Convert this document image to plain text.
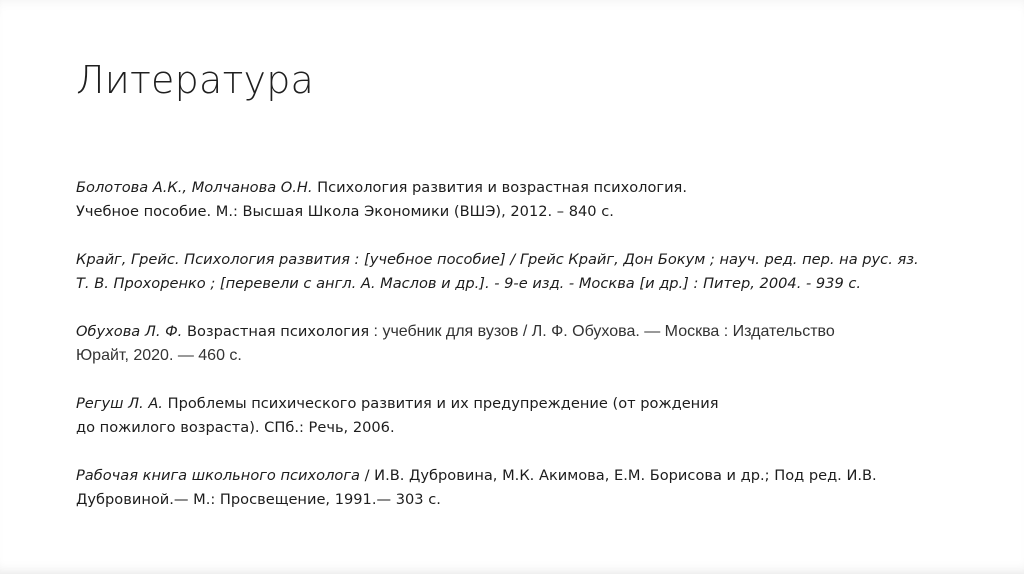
Литература
Болотова А.К., Молчанова О.Н. Психология развития и возрастная психология.
Учебное пособие. М.: Высшая Школа Экономики (ВШЭ), 2012. – 840 с.
Крайг, Грейс. Психология развития : [учебное пособие] / Грейс Крайг, Дон Бокум ; науч. ред. пер. на рус. яз.
Т. В. Прохоренко ; [перевели с англ. А. Маслов и др.]. - 9-е изд. - Москва [и др.] : Питер, 2004. - 939 с.
Обухова Л. Ф. Возрастная психология : учебник для вузов / Л. Ф. Обухова. — Москва : Издательство
Юрайт, 2020. — 460 с.
Регуш Л. А. Проблемы психического развития и их предупреждение (от рождения
до пожилого возраста). СПб.: Речь, 2006.
Рабочая книга школьного психолога / И.В. Дубровина, М.К. Акимова, Е.М. Борисова и др.; Под ред. И.В.
Дубровиной.— М.: Просвещение, 1991.— 303 с.
